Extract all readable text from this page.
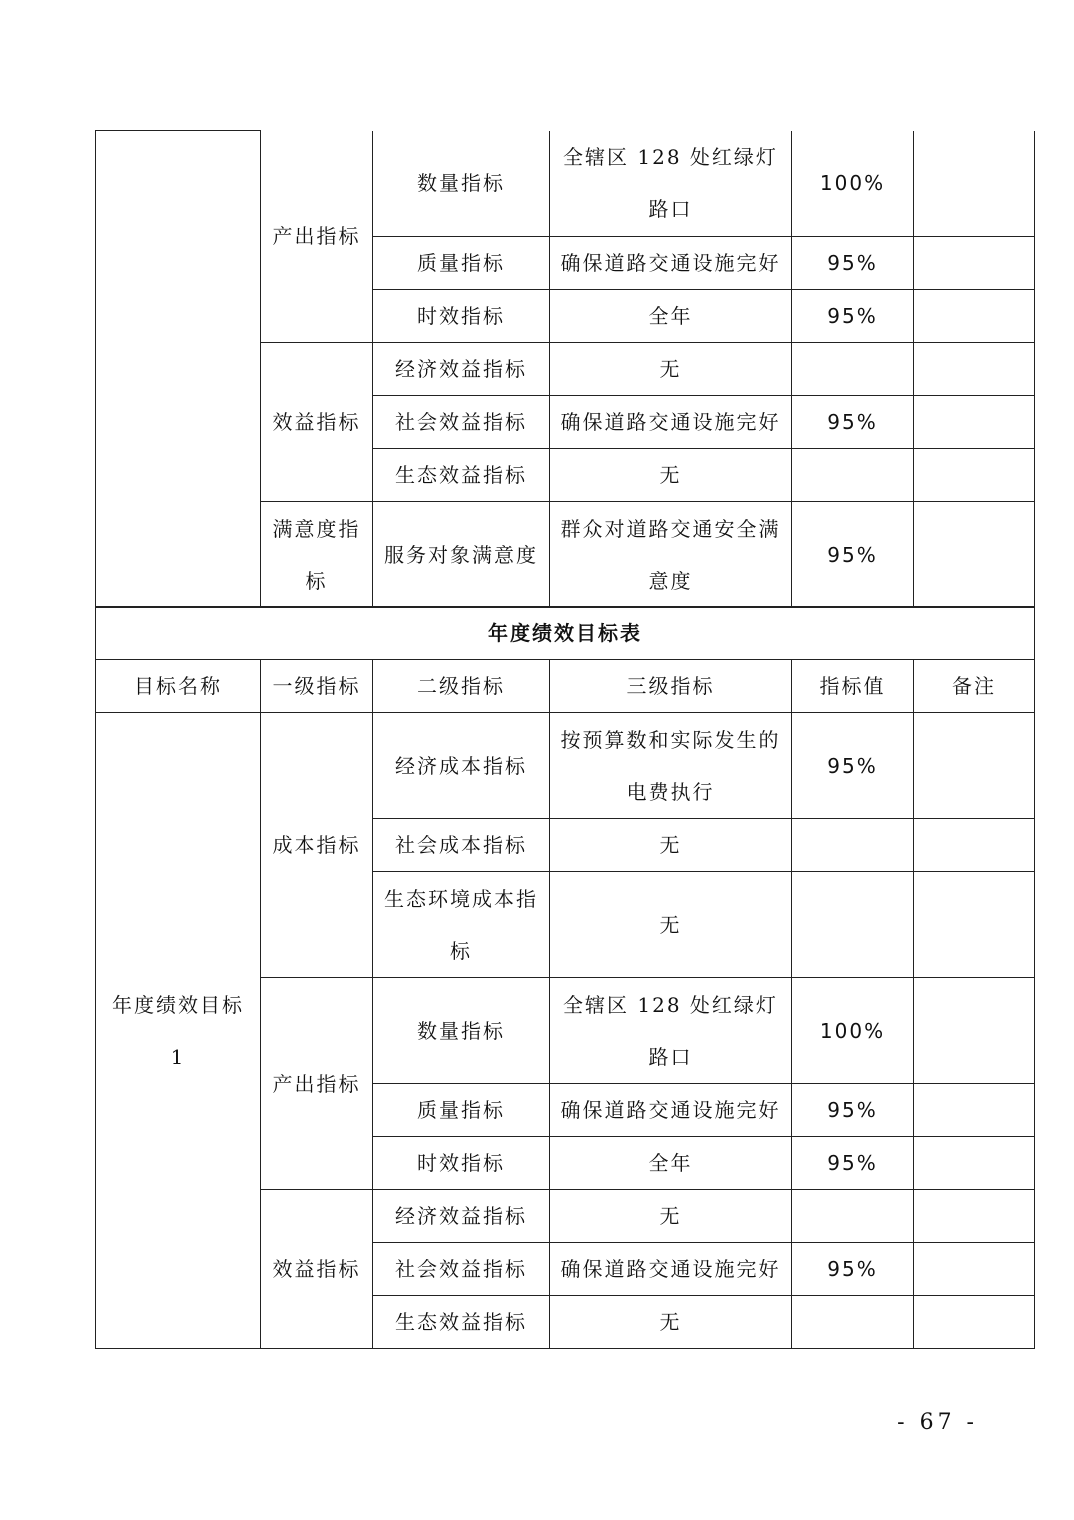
	产出指标	数量指标	全辖区 128 处红绿灯路口	100%	
		质量指标	确保道路交通设施完好	95%	
		时效指标	全年	95%	
	效益指标	经济效益指标	无		
		社会效益指标	确保道路交通设施完好	95%	
		生态效益指标	无		
	满意度指标	服务对象满意度	群众对道路交通安全满意度	95%	
年度绩效目标表					
目标名称	一级指标	二级指标	三级指标	指标值	备注
年度绩效目标 1	成本指标	经济成本指标	按预算数和实际发生的电费执行	95%	
		社会成本指标	无		
		生态环境成本指标	无		
	产出指标	数量指标	全辖区 128 处红绿灯路口	100%	
		质量指标	确保道路交通设施完好	95%	
		时效指标	全年	95%	
	效益指标	经济效益指标	无		
		社会效益指标	确保道路交通设施完好	95%	
		生态效益指标	无		
- 67 -
